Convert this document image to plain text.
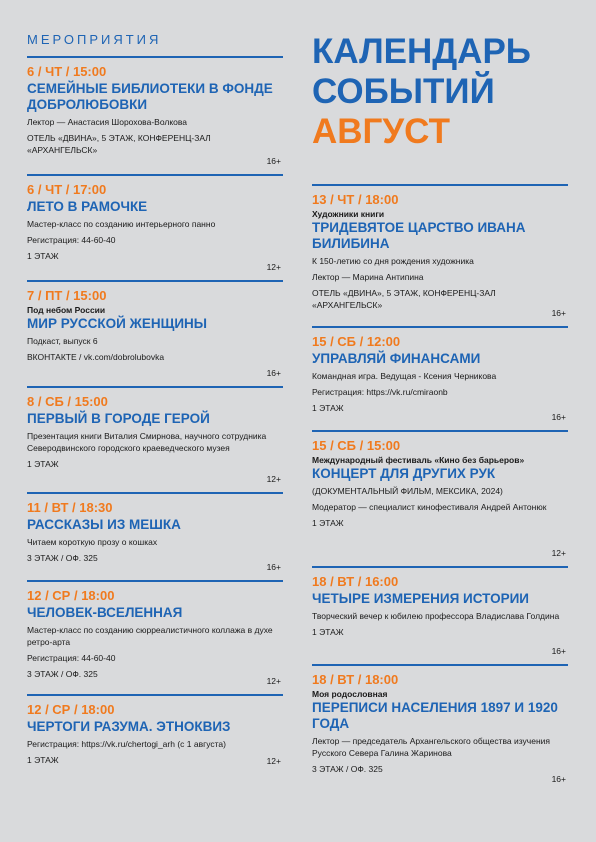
МЕРОПРИЯТИЯ
6 / ЧТ / 15:00
СЕМЕЙНЫЕ БИБЛИОТЕКИ В ФОНДЕ ДОБРОЛЮБОВКИ

Лектор — Анастасия Шорохова-Волкова

ОТЕЛЬ «ДВИНА», 5 ЭТАЖ, КОНФЕРЕНЦ-ЗАЛ «АРХАНГЕЛЬСК»
16+
6 / ЧТ / 17:00
ЛЕТО В РАМОЧКЕ

Мастер-класс по созданию интерьерного панно

Регистрация: 44-60-40

1 ЭТАЖ
12+
7 / ПТ / 15:00
Под небом России
МИР РУССКОЙ ЖЕНЩИНЫ

Подкаст, выпуск 6

ВКОНТАКТЕ / vk.com/dobrolubovka
16+
8 / СБ / 15:00
ПЕРВЫЙ В ГОРОДЕ ГЕРОЙ

Презентация книги Виталия Смирнова, научного сотрудника Северодвинского городского краеведческого музея

1 ЭТАЖ
12+
11 / ВТ / 18:30
РАССКАЗЫ ИЗ МЕШКА

Читаем короткую прозу о кошках

3 ЭТАЖ / ОФ. 325
16+
12 / СР / 18:00
ЧЕЛОВЕК-ВСЕЛЕННАЯ

Мастер-класс по созданию сюрреалистичного коллажа в духе ретро-арта

Регистрация: 44-60-40

3 ЭТАЖ / ОФ. 325
12+
12 / СР / 18:00
ЧЕРТОГИ РАЗУМА. ЭТНОКВИЗ

Регистрация: https://vk.ru/chertogi_arh (с 1 августа)

1 ЭТАЖ	12+
КАЛЕНДАРЬ
СОБЫТИЙ
АВГУСТ
13 / ЧТ / 18:00
Художники книги
ТРИДЕВЯТОЕ ЦАРСТВО ИВАНА БИЛИБИНА

К 150-летию со дня рождения художника

Лектор — Марина Антипина

ОТЕЛЬ «ДВИНА», 5 ЭТАЖ, КОНФЕРЕНЦ-ЗАЛ «АРХАНГЕЛЬСК»
16+
15 / СБ / 12:00
УПРАВЛЯЙ ФИНАНСАМИ

Командная игра. Ведущая - Ксения Черникова

Регистрация: https://vk.ru/cmiraonb

1 ЭТАЖ
16+
15 / СБ / 15:00
Международный фестиваль «Кино без барьеров»
КОНЦЕРТ ДЛЯ ДРУГИХ РУК

(ДОКУМЕНТАЛЬНЫЙ ФИЛЬМ, МЕКСИКА, 2024)

Модератор — специалист кинофестиваля Андрей Антонюк

1 ЭТАЖ
12+
18 / ВТ / 16:00
ЧЕТЫРЕ ИЗМЕРЕНИЯ ИСТОРИИ

Творческий вечер к юбилею профессора Владислава Голдина

1 ЭТАЖ
16+
18 / ВТ / 18:00
Моя родословная
ПЕРЕПИСИ НАСЕЛЕНИЯ 1897 И 1920 ГОДА

Лектор — председатель Архангельского общества изучения Русского Севера Галина Жаринова

3 ЭТАЖ / ОФ. 325
16+
